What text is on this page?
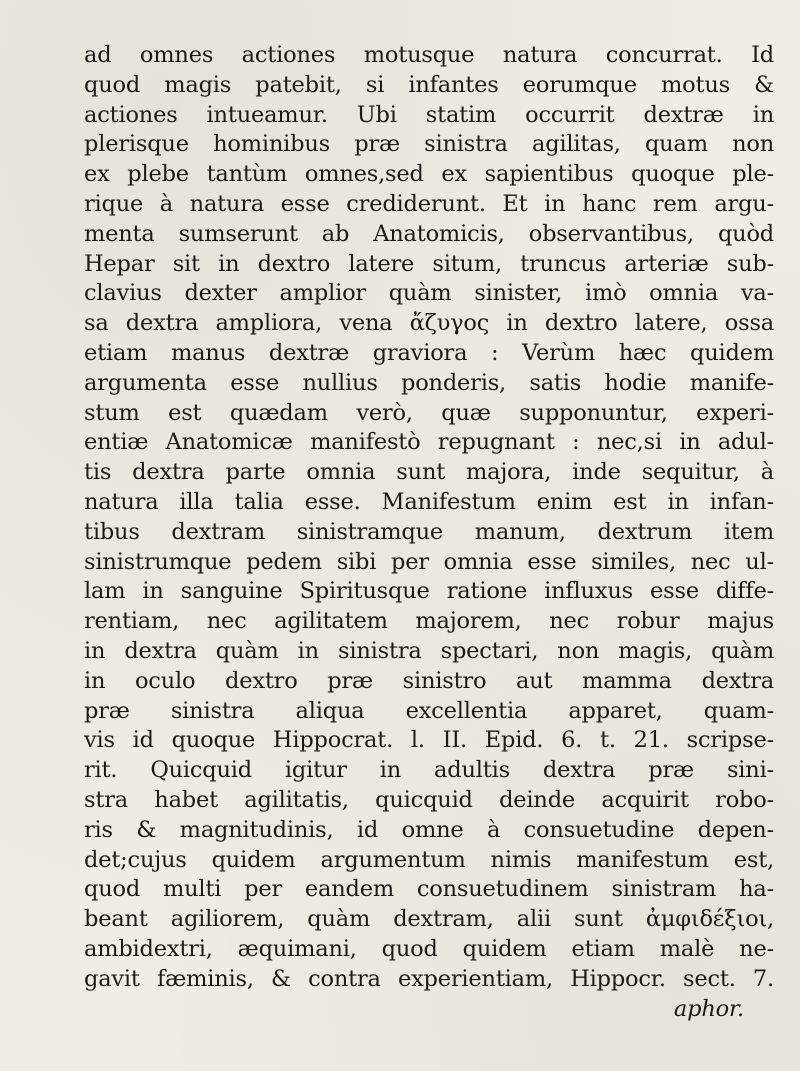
ad omnes actiones motusque natura concurrat. Id
quod magis patebit, si infantes eorumque motus &
actiones intueamur. Ubi statim occurrit dextræ in
plerisque hominibus præ sinistra agilitas, quam non
ex plebe tantùm omnes,sed ex sapientibus quoque ple-
rique à natura esse crediderunt. Et in hanc rem argu-
menta sumserunt ab Anatomicis, observantibus, quòd
Hepar sit in dextro latere situm, truncus arteriæ sub-
clavius dexter amplior quàm sinister, imò omnia va-
sa dextra ampliora, vena ἄζυγος in dextro latere, ossa
etiam manus dextræ graviora : Verùm hæc quidem
argumenta esse nullius ponderis, satis hodie manife-
stum est quædam verò, quæ supponuntur, experi-
entiæ Anatomicæ manifestò repugnant : nec,si in adul-
tis dextra parte omnia sunt majora, inde sequitur, à
natura illa talia esse. Manifestum enim est in infan-
tibus dextram sinistramque manum, dextrum item
sinistrumque pedem sibi per omnia esse similes, nec ul-
lam in sanguine Spiritusque ratione influxus esse diffe-
rentiam, nec agilitatem majorem, nec robur majus
in dextra quàm in sinistra spectari, non magis, quàm
in oculo dextro præ sinistro aut mamma dextra
præ sinistra aliqua excellentia apparet, quam-
vis id quoque Hippocrat. l. II. Epid. 6. t. 21. scripse-
rit. Quicquid igitur in adultis dextra præ sini-
stra habet agilitatis, quicquid deinde acquirit robo-
ris & magnitudinis, id omne à consuetudine depen-
det;cujus quidem argumentum nimis manifestum est,
quod multi per eandem consuetudinem sinistram ha-
beant agiliorem, quàm dextram, alii sunt ἀμφιδέξιοι,
ambidextri, æquimani, quod quidem etiam malè ne-
gavit fæminis, & contra experientiam, Hippocr. sect. 7.
aphor.
